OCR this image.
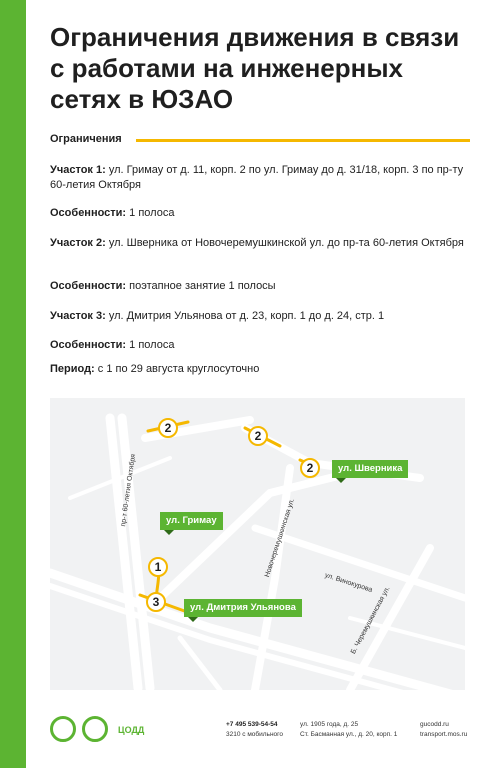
Ограничения движения в связи с работами на инженерных сетях в ЮЗАО
Ограничения

Участок 1: ул. Гримау от д. 11, корп. 2 по ул. Гримау до д. 31/18, корп. 3 по пр-ту 60-летия Октября

Особенности: 1 полоса

Участок 2: ул. Шверника от Новочеремушкинской ул. до пр-та 60-летия Октября

Особенности: поэтапное занятие 1 полосы

Участок 3: ул. Дмитрия Ульянова от д. 23, корп. 1 до д. 24, стр. 1

Особенности: 1 полоса

Период: с 1 по 29 августа круглосуточно

2
2
2
1
3
ул. Шверника
ул. Гримау
ул. Дмитрия Ульянова
пр-т 60-летия Октября
Новочеремушкинская ул.
ул. Винокурова
Б. Черемушкинская ул.
ЦОДД
+7 495 539-54-54
3210 с мобильного
ул. 1905 года, д. 25
Ст. Басманная ул., д. 20, корп. 1
gucodd.ru
transport.mos.ru
